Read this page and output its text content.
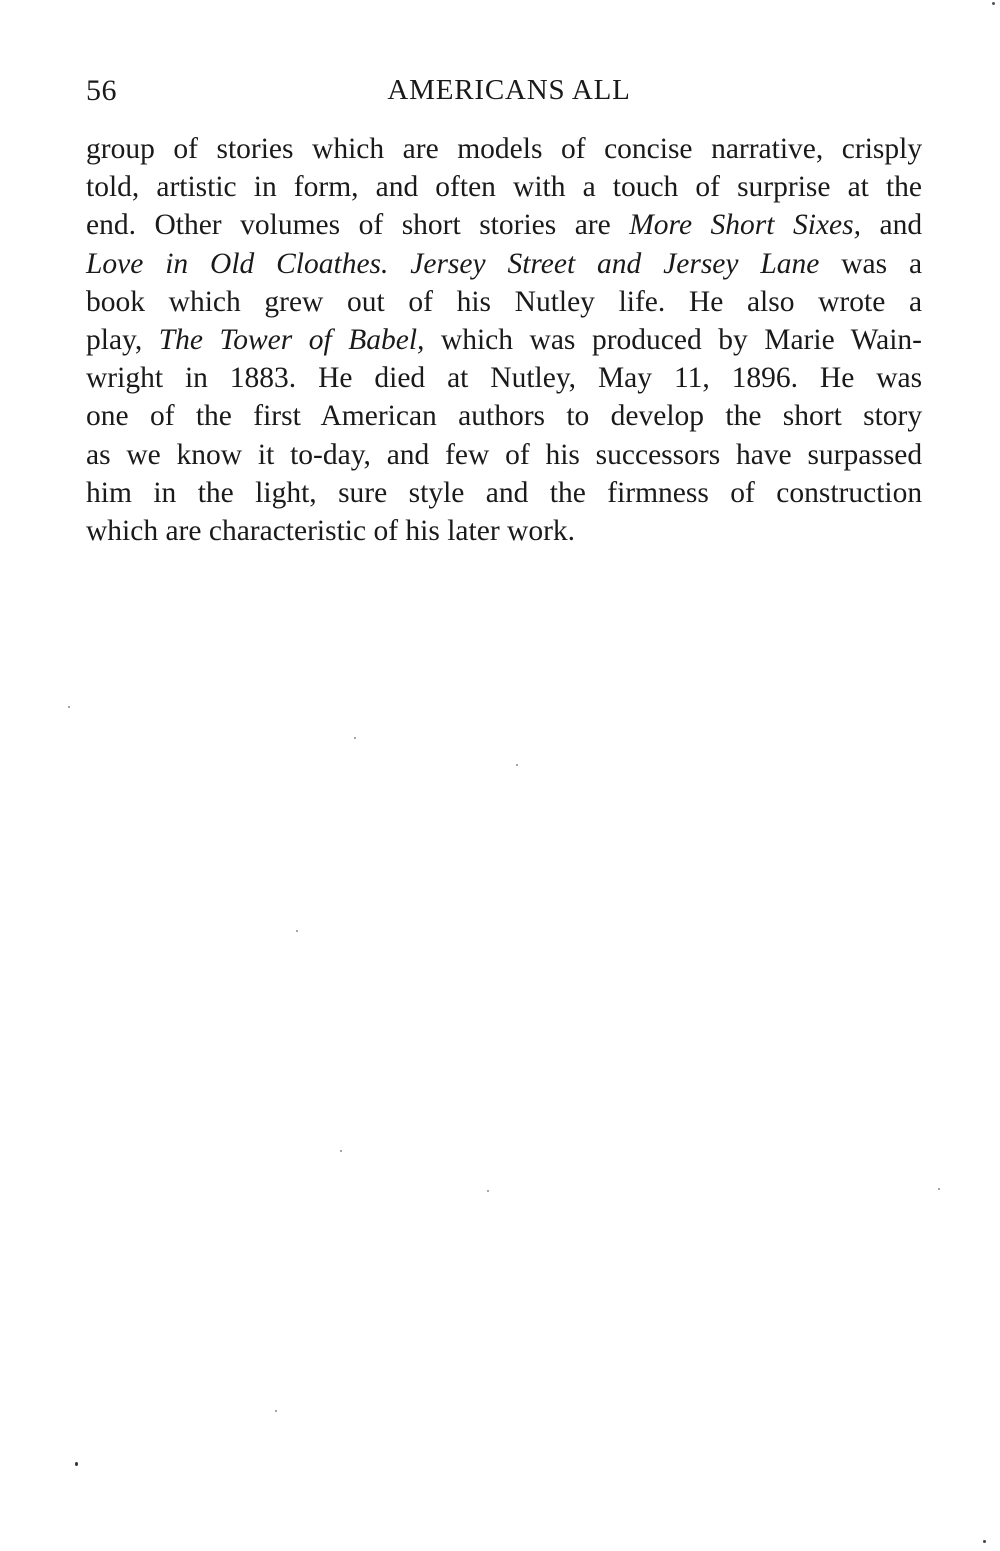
56	AMERICANS ALL
group of stories which are models of concise narrative, crisply
told, artistic in form, and often with a touch of surprise at the
end. Other volumes of short stories are More Short Sixes, and
Love in Old Cloathes. Jersey Street and Jersey Lane was a
book which grew out of his Nutley life. He also wrote a
play, The Tower of Babel, which was produced by Marie Wain-
wright in 1883. He died at Nutley, May 11, 1896. He was
one of the first American authors to develop the short story
as we know it to-day, and few of his successors have surpassed
him in the light, sure style and the firmness of construction
which are characteristic of his later work.
